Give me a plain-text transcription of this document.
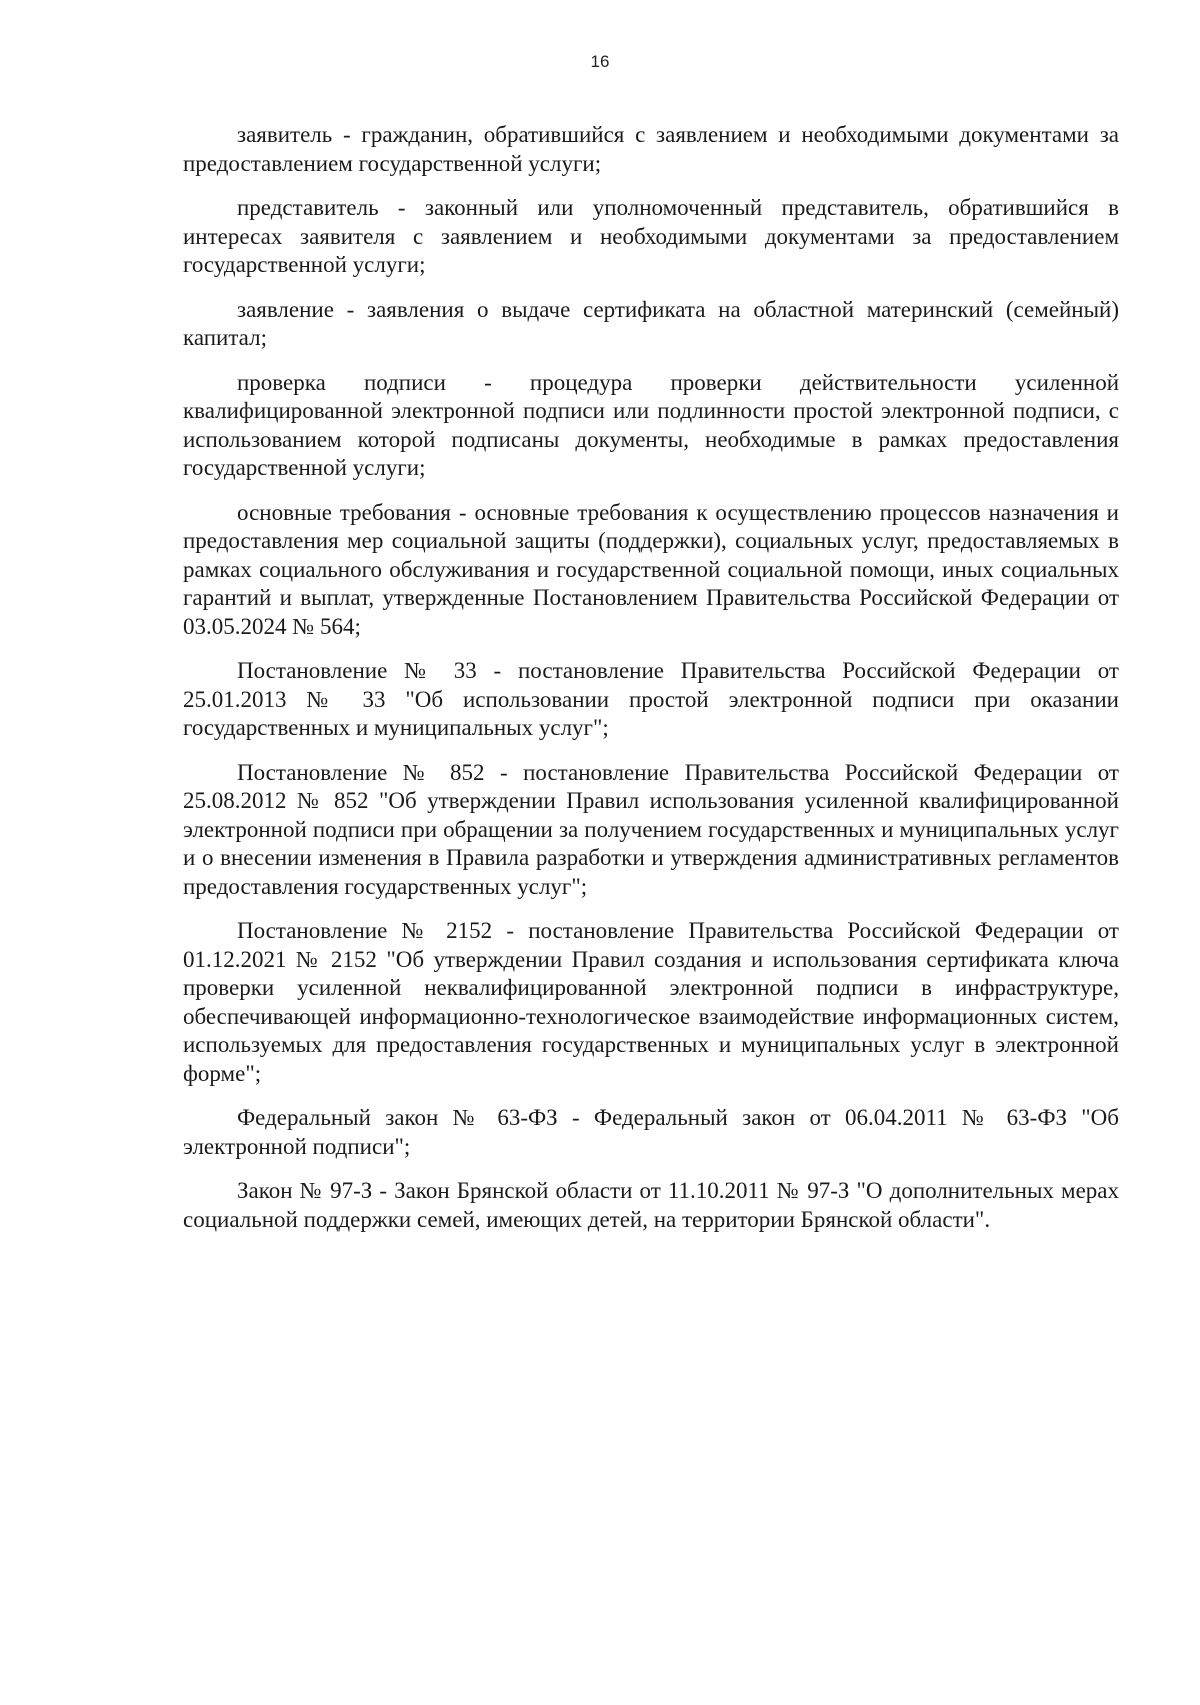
16

заявитель - гражданин, обратившийся с заявлением и необходимыми документами за предоставлением государственной услуги;

представитель - законный или уполномоченный представитель, обратившийся в интересах заявителя с заявлением и необходимыми документами за предоставлением государственной услуги;

заявление - заявления о выдаче сертификата на областной материнский (семейный) капитал;

проверка подписи - процедура проверки действительности усиленной квалифицированной электронной подписи или подлинности простой электронной подписи, с использованием которой подписаны документы, необходимые в рамках предоставления государственной услуги;

основные требования - основные требования к осуществлению процессов назначения и предоставления мер социальной защиты (поддержки), социальных услуг, предоставляемых в рамках социального обслуживания и государственной социальной помощи, иных социальных гарантий и выплат, утвержденные Постановлением Правительства Российской Федерации от 03.05.2024 № 564;

Постановление № 33 - постановление Правительства Российской Федерации от 25.01.2013 № 33 "Об использовании простой электронной подписи при оказании государственных и муниципальных услуг";

Постановление № 852 - постановление Правительства Российской Федерации от 25.08.2012 № 852 "Об утверждении Правил использования усиленной квалифицированной электронной подписи при обращении за получением государственных и муниципальных услуг и о внесении изменения в Правила разработки и утверждения административных регламентов предоставления государственных услуг";

Постановление № 2152 - постановление Правительства Российской Федерации от 01.12.2021 № 2152 "Об утверждении Правил создания и использования сертификата ключа проверки усиленной неквалифицированной электронной подписи в инфраструктуре, обеспечивающей информационно-технологическое взаимодействие информационных систем, используемых для предоставления государственных и муниципальных услуг в электронной форме";

Федеральный закон № 63-ФЗ - Федеральный закон от 06.04.2011 № 63-ФЗ "Об электронной подписи";

Закон № 97-З - Закон Брянской области от 11.10.2011 № 97-З "О дополнительных мерах социальной поддержки семей, имеющих детей, на территории Брянской области".
